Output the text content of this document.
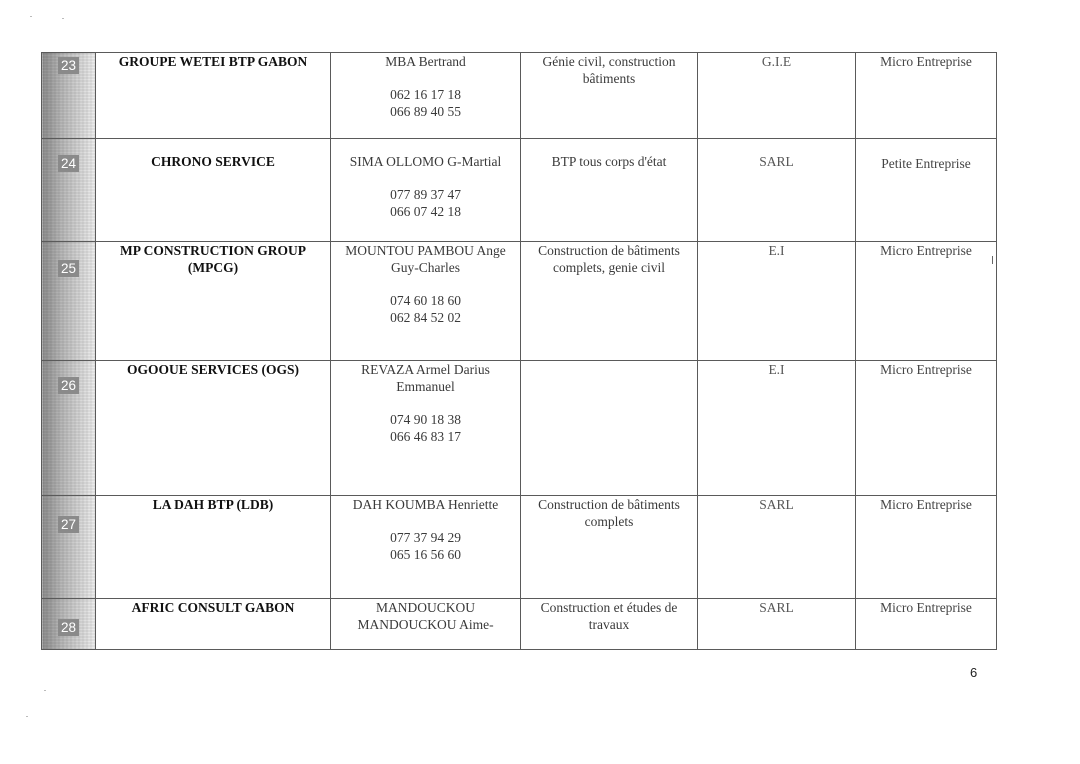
23	GROUPE WETEI BTP GABON	MBA Bertrand
062 16 17 18
066 89 40 55	Génie civil, construction bâtiments	G.I.E	Micro Entreprise
24	CHRONO SERVICE	SIMA OLLOMO G-Martial
077 89 37 47
066 07 42 18	BTP tous corps d'état	SARL	Petite Entreprise
25	MP CONSTRUCTION GROUP (MPCG)	MOUNTOU PAMBOU Ange Guy-Charles
074 60 18 60
062 84 52 02	Construction de bâtiments complets, genie civil	E.I	Micro Entreprise
26	OGOOUE SERVICES (OGS)	REVAZA Armel Darius Emmanuel
074 90 18 38
066 46 83 17		E.I	Micro Entreprise
27	LA DAH BTP (LDB)	DAH KOUMBA Henriette
077 37 94 29
065 16 56 60	Construction de bâtiments complets	SARL	Micro Entreprise
28	AFRIC CONSULT GABON	MANDOUCKOU MANDOUCKOU Aime-	Construction et études de travaux	SARL	Micro Entreprise
6
